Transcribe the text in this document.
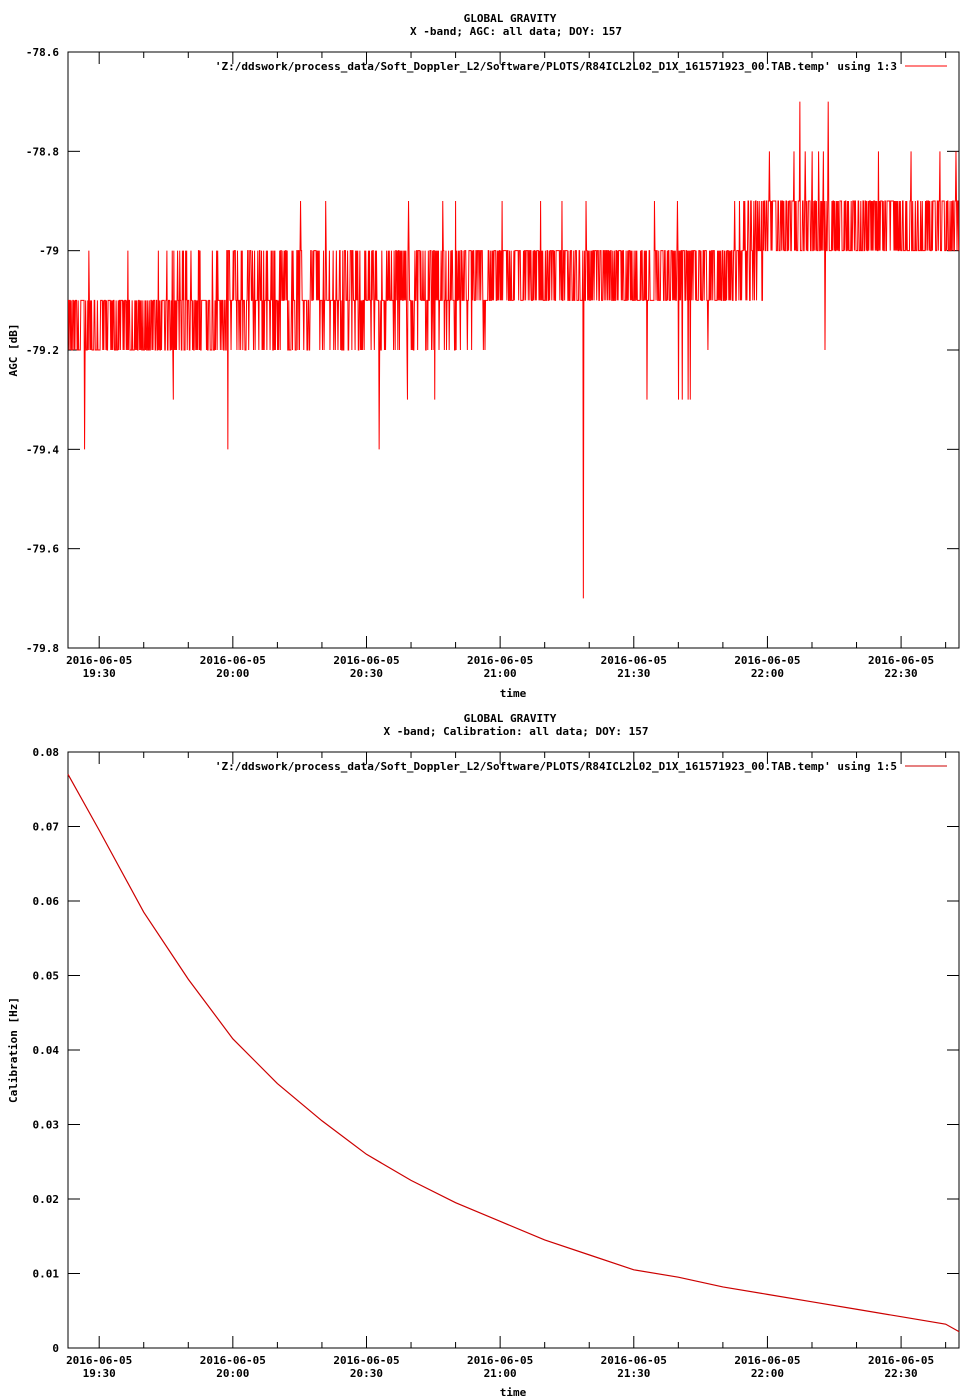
GLOBAL GRAVITY
X -band; AGC: all data; DOY: 157
-78.6
-78.8
-79
-79.2
-79.4
-79.6
-79.8
2016-06-05
19:30
2016-06-05
20:00
2016-06-05
20:30
2016-06-05
21:00
2016-06-05
21:30
2016-06-05
22:00
2016-06-05
22:30
'Z:/ddswork/process_data/Soft_Doppler_L2/Software/PLOTS/R84ICL2L02_D1X_161571923_00.TAB.temp' using 1:3
time
AGC [dB]
GLOBAL GRAVITY
X -band; Calibration: all data; DOY: 157
0.08
0.07
0.06
0.05
0.04
0.03
0.02
0.01
0
2016-06-05
19:30
2016-06-05
20:00
2016-06-05
20:30
2016-06-05
21:00
2016-06-05
21:30
2016-06-05
22:00
2016-06-05
22:30
'Z:/ddswork/process_data/Soft_Doppler_L2/Software/PLOTS/R84ICL2L02_D1X_161571923_00.TAB.temp' using 1:5
time
Calibration [Hz]
